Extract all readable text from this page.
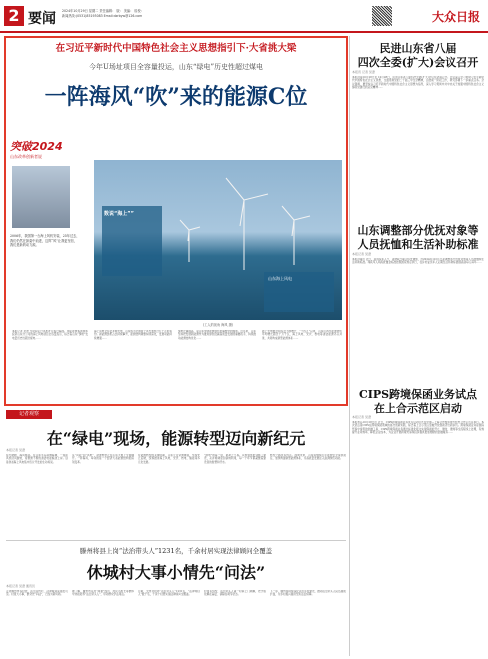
2 要闻 2024年10月29日 星期二 责任编辑： 版： 美编： 检校：
新闻热线:(0531)85193083 Email:dzrbyw@126.com	大众日报
在习近平新时代中国特色社会主义思想指引下·大省挑大梁
今年U场址项目全容量投运，山东“绿电”历史性超过煤电
一阵海风“吹”来的能源C位
突破2024
山东改革创新者说
2006年，我国第一台海上风机安装，25年过去，我们仍然在探索中前进，这阵“风”让我更坚信，我们是新的动力源。
数说“海上””
山东海上风电
(工人的视角 海风 摄)
本报记者 吴澄 当时间走过风机叶片掠过海面。国家能源集团国华投资山东分公司的海上风电项目全容量投运，标志着山东“绿电”发电量历史性超过煤电……
海上风电全容量并网发电，山东成为全国首个风光装机过亿千瓦的省份。新能源装机占比持续攀升，能源结构调整持续深化，发展动能持续增强……
绿电比重提高，是山东加快能源绿色低碳转型的缩影。近年来，山东坚持把发展新能源作为推进绿色低碳高质量发展的重要抓手，持续推动能源结构优化……
陆上发电数量和容量不断增长，“十四五”以来，山东可再生能源装机年均增长超过千万千瓦，海上风电、光伏、核电等清洁能源齐头并进，共同构成新型能源体系……
民进山东省八届
四次全委(扩大)会议召开
本报讯 记者 吴澄
本报济南10月28日讯 10月28日，民进山东省八届四次全委(扩大)会议在济南召开。会议深入学习贯彻习近平新时代中国特色社会主义思想，全面贯彻党的二十届三中全会精神，总结前一阶段工作，研究部署下一步重点任务。会议强调，要坚持以习近平新时代中国特色社会主义思想为指导，深入学习贯彻中共中央关于加强中国特色社会主义参政党建设的意见精神……
山东调整部分优抚对象等
人员抚恤和生活补助标准
本报记者 吴澄
本报济南讯 近日，省退役军人厅、省财政厅联合印发通知，自2024年10月1日起调整部分优抚对象等人员抚恤和生活补助标准。残疾军人残疾抚恤金标准按照国家规定执行，在乡老复员军人定期生活补助标准提高到每人每年……
CIPS跨境保函业务试点
在上合示范区启动
本报记者 吴澄
本报青岛10月28日讯 近日，CIPS跨境保函业务试点启动仪式在中国—上海合作组织地方经贸合作示范区举行。本次试点是CIPS在跨境保函领域的首次创新实践，标志着上合示范区金融开放创新迈出新步伐。跨境保函业务是国际贸易中常用的金融工具，CIPS跨境保函业务通过标准化报文实现保函的开立、修改、通知等全流程线上处理，有效提升业务效率，降低企业成本，为企业开展跨境贸易和投资提供更加便捷的金融服务……
记者观察
在“绿电”现场，能源转型迈向新纪元
本报记者 吴澄
东方破晓，海风渐起。在山东半岛南侧海域，一座座风机迎风旋转，将源源不断的清洁电能输送上岸。这是我省海上风电集中连片开发的生动场景。
从“风起”到“风电”，能源转型正在山东大地上全面铺开。一阵海风，牵动的是一个经济大省能源结构的深刻变革。
在能源转型的关键时期，山东立足资源禀赋，坚持先立后破，统筹推进海上风电、光伏、核电、储能等多元化发展。
“绿电”的每一度，都来之不易。从规划选址到施工建设，从并网调度到消纳利用，每一个环节都凝聚着建设者的智慧和汗水。
转型之路没有终点。面向未来，山东将继续扛牢能源安全保供责任，加快构建新型能源体系，为高质量发展注入澎湃绿色动能。
滕州将县上岗“法治带头人”1231名，千余村居实现法律顾问全覆盖
休城村大事小情先“问法”
本报记者 吴澄 通讯员
走进滕州市各村居，法治宣传栏、法律服务室随处可见。村里大小事，群众先“问法”，已成为新风尚。
据了解，滕州市从村“两委”成员、村民小组长等群体中选拔培养“法治带头人”，带动群众学法用法。
目前，全市共培养“法治带头人”1231名，“法律明白人”数千名，千余个村居实现法律顾问全覆盖。
村里有纠纷，法治带头人第一时间上门调解，把矛盾化解在基层、消除在萌芽状态。
下一步，滕州将持续深化法治乡村建设，推动法治带头人队伍提质扩面，为乡村振兴提供坚实法治保障。
